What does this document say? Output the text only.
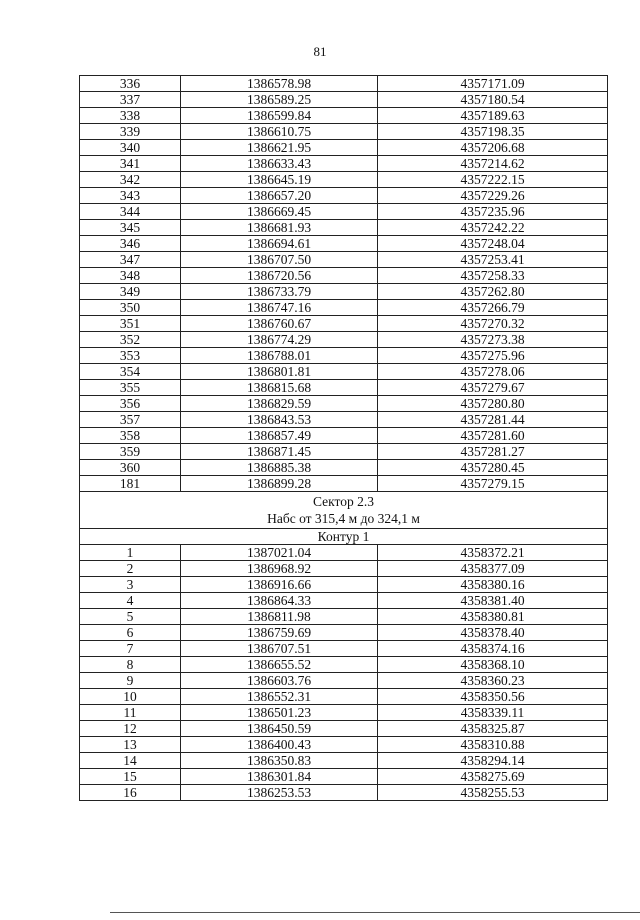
81
336	1386578.98	4357171.09
337	1386589.25	4357180.54
338	1386599.84	4357189.63
339	1386610.75	4357198.35
340	1386621.95	4357206.68
341	1386633.43	4357214.62
342	1386645.19	4357222.15
343	1386657.20	4357229.26
344	1386669.45	4357235.96
345	1386681.93	4357242.22
346	1386694.61	4357248.04
347	1386707.50	4357253.41
348	1386720.56	4357258.33
349	1386733.79	4357262.80
350	1386747.16	4357266.79
351	1386760.67	4357270.32
352	1386774.29	4357273.38
353	1386788.01	4357275.96
354	1386801.81	4357278.06
355	1386815.68	4357279.67
356	1386829.59	4357280.80
357	1386843.53	4357281.44
358	1386857.49	4357281.60
359	1386871.45	4357281.27
360	1386885.38	4357280.45
181	1386899.28	4357279.15

Сектор 2.3
Набс от 315,4 м до 324,1 м		

Контур 1		
1	1387021.04	4358372.21
2	1386968.92	4358377.09
3	1386916.66	4358380.16
4	1386864.33	4358381.40
5	1386811.98	4358380.81
6	1386759.69	4358378.40
7	1386707.51	4358374.16
8	1386655.52	4358368.10
9	1386603.76	4358360.23
10	1386552.31	4358350.56
11	1386501.23	4358339.11
12	1386450.59	4358325.87
13	1386400.43	4358310.88
14	1386350.83	4358294.14
15	1386301.84	4358275.69
16	1386253.53	4358255.53
